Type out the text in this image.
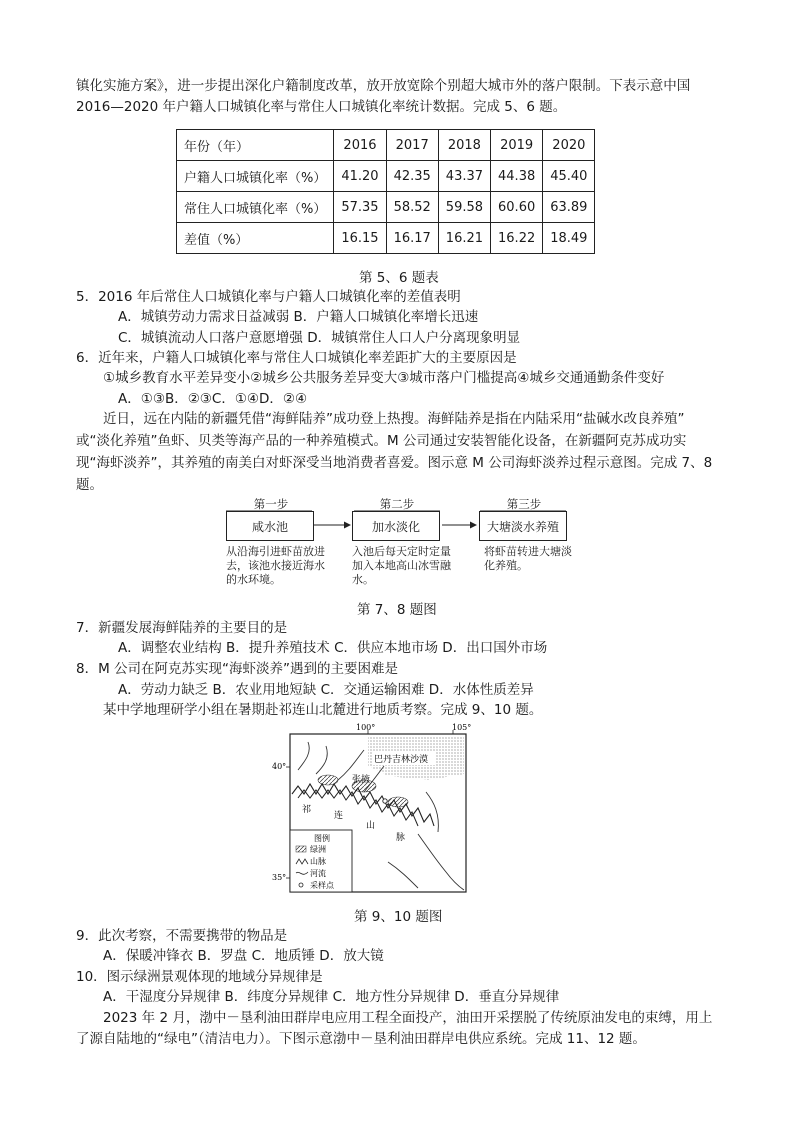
镇化实施方案》，进一步提出深化户籍制度改革，放开放宽除个别超大城市外的落户限制。下表示意中国
2016—2020 年户籍人口城镇化率与常住人口城镇化率统计数据。完成 5、6 题。
年份（年）	2016	2017	2018	2019	2020
户籍人口城镇化率（%）	41.20	42.35	43.37	44.38	45.40
常住人口城镇化率（%）	57.35	58.52	59.58	60.60	63.89
差值（%）	16.15	16.17	16.21	16.22	18.49
第 5、6 题表
5．2016 年后常住人口城镇化率与户籍人口城镇化率的差值表明
A．城镇劳动力需求日益减弱 B．户籍人口城镇化率增长迅速
C．城镇流动人口落户意愿增强 D．城镇常住人口人户分离现象明显
6．近年来，户籍人口城镇化率与常住人口城镇化率差距扩大的主要原因是
①城乡教育水平差异变小②城乡公共服务差异变大③城市落户门槛提高④城乡交通通勤条件变好
A．①③B．②③C．①④D．②④
近日，远在内陆的新疆凭借“海鲜陆养”成功登上热搜。海鲜陆养是指在内陆采用“盐碱水改良养殖”
或“淡化养殖”鱼虾、贝类等海产品的一种养殖模式。M 公司通过安装智能化设备，在新疆阿克苏成功实
现“海虾淡养”，其养殖的南美白对虾深受当地消费者喜爱。图示意 M 公司海虾淡养过程示意图。完成 7、8
题。
第一步	第二步	第三步
咸水池	加水淡化	大塘淡水养殖
从沿海引进虾苗放进去，该池水接近海水的水环境。
入池后每天定时定量加入本地高山冰雪融水。
将虾苗转进大塘淡化养殖。
第 7、8 题图
7．新疆发展海鲜陆养的主要目的是
A．调整农业结构 B．提升养殖技术 C．供应本地市场 D．出口国外市场
8．M 公司在阿克苏实现“海虾淡养”遇到的主要困难是
A．劳动力缺乏 B．农业用地短缺 C．交通运输困难 D．水体性质差异
某中学地理研学小组在暑期赴祁连山北麓进行地质考察。完成 9、10 题。
100°	105°
40°
35°
巴丹吉林沙漠
张掖
祁
连
山
脉
图例
绿洲
山脉
河流
采样点
第 9、10 题图
9．此次考察，不需要携带的物品是
A．保暖冲锋衣 B．罗盘 C．地质锤 D．放大镜
10．图示绿洲景观体现的地域分异规律是
A．干湿度分异规律 B．纬度分异规律 C．地方性分异规律 D．垂直分异规律
2023 年 2 月，渤中－垦利油田群岸电应用工程全面投产，油田开采摆脱了传统原油发电的束缚，用上
了源自陆地的“绿电”（清洁电力）。下图示意渤中－垦利油田群岸电供应系统。完成 11、12 题。
